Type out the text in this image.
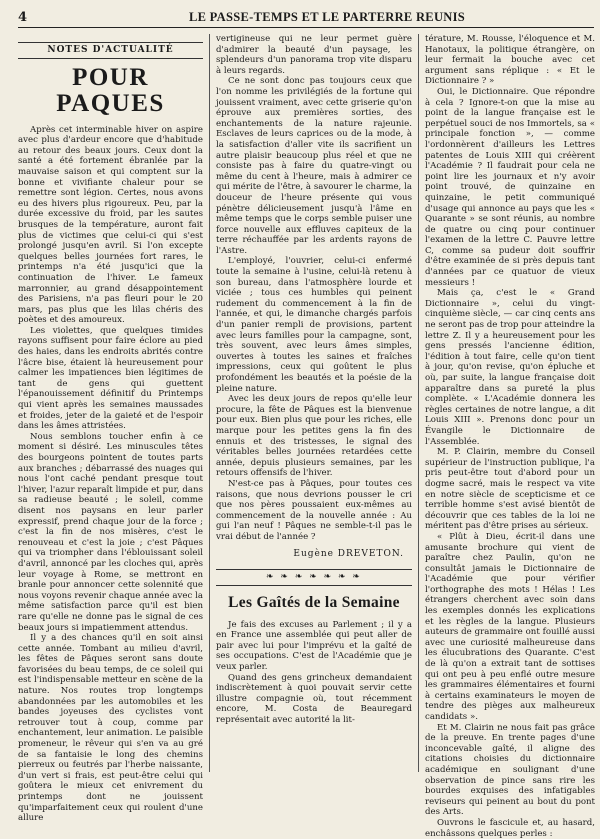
4	LE PASSE-TEMPS ET LE PARTERRE REUNIS
NOTES D'ACTUALITÉ
POUR PAQUES

Après cet interminable hiver on aspire avec plus d'ardeur encore que d'habitude au retour des beaux jours. Ceux dont la santé a été fortement ébranlée par la mauvaise saison et qui comptent sur la bonne et vivifiante chaleur pour se remettre sont légion. Certes, nous avons eu des hivers plus rigoureux. Peu, par la durée excessive du froid, par les sautes brusques de la température, auront fait plus de victimes que celui-ci qui s'est prolongé jusqu'en avril. Si l'on excepte quelques belles journées fort rares, le printemps n'a été jusqu'ici que la continuation de l'hiver. Le fameux marronnier, au grand désappointement des Parisiens, n'a pas fleuri pour le 20 mars, pas plus que les lilas chéris des poètes et des amoureux.

Les violettes, que quelques timides rayons suffisent pour faire éclore au pied des haies, dans les endroits abrités contre l'âcre bise, étaient là heureusement pour calmer les impatiences bien légitimes de tant de gens qui guettent l'épanouissement définitif du Printemps qui vient après les semaines maussades et froides, jeter de la gaieté et de l'espoir dans les âmes attristées.

Nous semblons toucher enfin à ce moment si désiré. Les minuscules têtes des bourgeons pointent de toutes parts aux branches ; débarrassé des nuages qui nous l'ont caché pendant presque tout l'hiver, l'azur reparaît limpide et pur, dans sa radieuse beauté ; le soleil, comme disent nos paysans en leur parler expressif, prend chaque jour de la force ; c'est la fin de nos misères, c'est le renouveau et c'est la joie ; c'est Pâques qui va triompher dans l'éblouissant soleil d'avril, annoncé par les cloches qui, après leur voyage à Rome, se mettront en branle pour annoncer cette solennité que nous voyons revenir chaque année avec la même satisfaction parce qu'il est bien rare qu'elle ne donne pas le signal de ces beaux jours si impatiemment attendus.

Il y a des chances qu'il en soit ainsi cette année. Tombant au milieu d'avril, les fêtes de Pâques seront sans doute favorisées du beau temps, de ce soleil qui est l'indispensable metteur en scène de la nature. Nos routes trop longtemps abandonnées par les automobiles et les bandes joyeuses des cyclistes vont retrouver tout à coup, comme par enchantement, leur animation. Le paisible promeneur, le rêveur qui s'en va au gré de sa fantaisie le long des chemins pierreux ou feutrés par l'herbe naissante, d'un vert si frais, est peut-être celui qui goûtera le mieux cet enivrement du printemps dont ne jouissent qu'imparfaitement ceux qui roulent d'une allure

vertigineuse qui ne leur permet guère d'admirer la beauté d'un paysage, les splendeurs d'un panorama trop vite disparu à leurs regards.

Ce ne sont donc pas toujours ceux que l'on nomme les privilégiés de la fortune qui jouissent vraiment, avec cette griserie qu'on éprouve aux premières sorties, des enchantements de la nature rajeunie. Esclaves de leurs caprices ou de la mode, à la satisfaction d'aller vite ils sacrifient un autre plaisir beaucoup plus réel et que ne consiste pas à faire du quatre-vingt ou même du cent à l'heure, mais à admirer ce qui mérite de l'être, à savourer le charme, la douceur de l'heure présente qui vous pénètre délicieusement jusqu'à l'âme en même temps que le corps semble puiser une force nouvelle aux effluves capiteux de la terre réchauffée par les ardents rayons de l'Astre.

L'employé, l'ouvrier, celui-ci enfermé toute la semaine à l'usine, celui-là retenu à son bureau, dans l'atmosphère lourde et viciée ; tous ces humbles qui peinent rudement du commencement à la fin de l'année, et qui, le dimanche chargés parfois d'un panier rempli de provisions, partent avec leurs familles pour la campagne, sont, très souvent, avec leurs âmes simples, ouvertes à toutes les saines et fraîches impressions, ceux qui goûtent le plus profondément les beautés et la poésie de la pleine nature.

Avec les deux jours de repos qu'elle leur procure, la fête de Pâques est la bienvenue pour eux. Bien plus que pour les riches, elle marque pour les petites gens la fin des ennuis et des tristesses, le signal des véritables belles journées retardées cette année, depuis plusieurs semaines, par les retours offensifs de l'hiver.

N'est-ce pas à Pâques, pour toutes ces raisons, que nous devrions pousser le cri que nos pères poussaient eux-mêmes au commencement de la nouvelle année : Au gui l'an neuf ! Pâques ne semble-t-il pas le vrai début de l'année ?

Eugène DREVETON.
❧ ❧ ❧ ❧ ❧ ❧ ❧
Les Gaîtés de la Semaine

Je fais des excuses au Parlement ; il y a en France une assemblée qui peut aller de pair avec lui pour l'imprévu et la gaîté de ses occupations. C'est de l'Académie que je veux parler.

Quand des gens grincheux demandaient indiscrètement à quoi pouvait servir cette illustre compagnie où, tout récemment encore, M. Costa de Beauregard représentait avec autorité la lit-

térature, M. Rousse, l'éloquence et M. Hanotaux, la politique étrangère, on leur fermait la bouche avec cet argument sans réplique : « Et le Dictionnaire ? »

Oui, le Dictionnaire. Que répondre à cela ? Ignore-t-on que la mise au point de la langue française est le perpétuel souci de nos Immortels, sa « principale fonction », — comme l'ordonnèrent d'ailleurs les Lettres patentes de Louis XIII qui créèrent l'Académie ? Il faudrait pour cela ne point lire les journaux et n'y avoir point trouvé, de quinzaine en quinzaine, le petit communiqué d'usage qui annonce au pays que les « Quarante » se sont réunis, au nombre de quatre ou cinq pour continuer l'examen de la lettre C. Pauvre lettre C, comme sa pudeur doit souffrir d'être examinée de si près depuis tant d'années par ce quatuor de vieux messieurs !

Mais ça, c'est le « Grand Dictionnaire », celui du vingt-cinquième siècle, — car cinq cents ans ne seront pas de trop pour atteindre la lettre Z. Il y a heureusement pour les gens pressés l'ancienne édition, l'édition à tout faire, celle qu'on tient à jour, qu'on revise, qu'on épluche et où, par suite, la langue française doit apparaître dans sa pureté la plus complète. « L'Académie donnera les règles certaines de notre langue, a dit Louis XIII ». Prenons donc pour un Évangile le Dictionnaire de l'Assemblée.

M. P. Clairin, membre du Conseil supérieur de l'instruction publique, l'a pris peut-être tout d'abord pour un dogme sacré, mais le respect va vite en notre siècle de scepticisme et ce terrible homme s'est avisé bientôt de découvrir que ces tables de la loi ne méritent pas d'être prises au sérieux.

« Plût à Dieu, écrit-il dans une amusante brochure qui vient de paraître chez Paulin, qu'on ne consultât jamais le Dictionnaire de l'Académie que pour vérifier l'orthographe des mots ! Hélas ! Les étrangers cherchent avec soin dans les exemples donnés les explications et les règles de la langue. Plusieurs auteurs de grammaire ont fouillé aussi avec une curiosité malheureuse dans les élucubrations des Quarante. C'est de là qu'on a extrait tant de sottises qui ont peu à peu enflé outre mesure les grammaires élémentaires et fourni à certains examinateurs le moyen de tendre des pièges aux malheureux candidats ».

Et M. Clairin ne nous fait pas grâce de la preuve. En trente pages d'une inconcevable gaîté, il aligne des citations choisies du dictionnaire académique en soulignant d'une observation de pince sans rire les bourdes exquises des infatigables reviseurs qui peinent au bout du pont des Arts.

Ouvrons le fascicule et, au hasard, enchâssons quelques perles :
